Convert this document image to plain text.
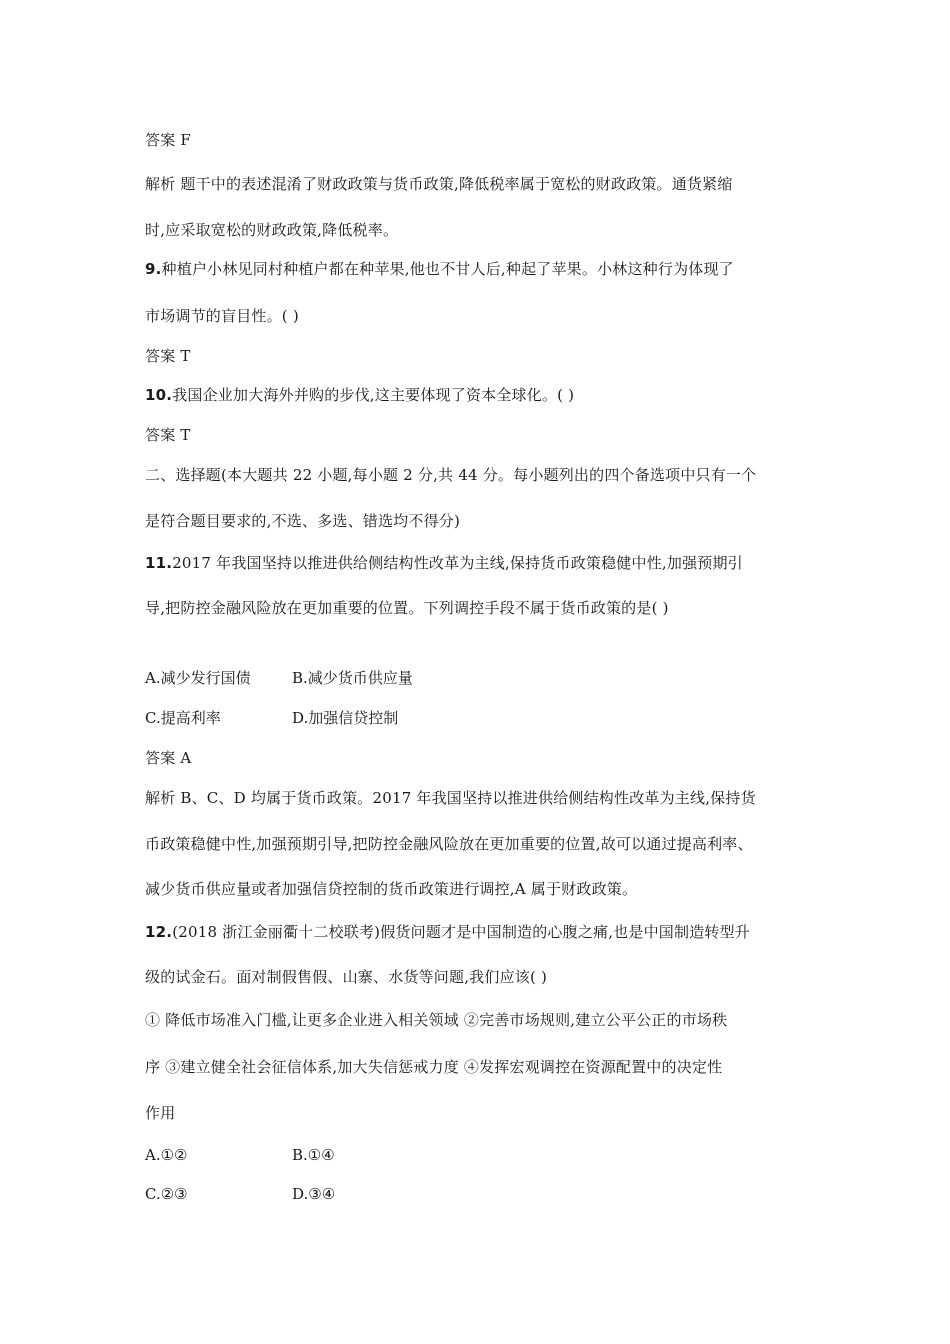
答案 F
解析 题干中的表述混淆了财政政策与货币政策,降低税率属于宽松的财政政策。通货紧缩
时,应采取宽松的财政政策,降低税率。
9.种植户小林见同村种植户都在种苹果,他也不甘人后,种起了苹果。小林这种行为体现了
市场调节的盲目性。( )
答案 T
10.我国企业加大海外并购的步伐,这主要体现了资本全球化。( )
答案 T
二、选择题(本大题共 22 小题,每小题 2 分,共 44 分。每小题列出的四个备选项中只有一个
是符合题目要求的,不选、多选、错选均不得分)
11.2017 年我国坚持以推进供给侧结构性改革为主线,保持货币政策稳健中性,加强预期引
导,把防控金融风险放在更加重要的位置。下列调控手段不属于货币政策的是( )
A.减少发行国债	B.减少货币供应量
C.提高利率	D.加强信贷控制
答案 A
解析 B、C、D 均属于货币政策。2017 年我国坚持以推进供给侧结构性改革为主线,保持货
币政策稳健中性,加强预期引导,把防控金融风险放在更加重要的位置,故可以通过提高利率、
减少货币供应量或者加强信贷控制的货币政策进行调控,A 属于财政政策。
12.(2018 浙江金丽衢十二校联考)假货问题才是中国制造的心腹之痛,也是中国制造转型升
级的试金石。面对制假售假、山寨、水货等问题,我们应该( )
① 降低市场准入门槛,让更多企业进入相关领域 ②完善市场规则,建立公平公正的市场秩
序 ③建立健全社会征信体系,加大失信惩戒力度 ④发挥宏观调控在资源配置中的决定性
作用
A.①②	B.①④
C.②③	D.③④
